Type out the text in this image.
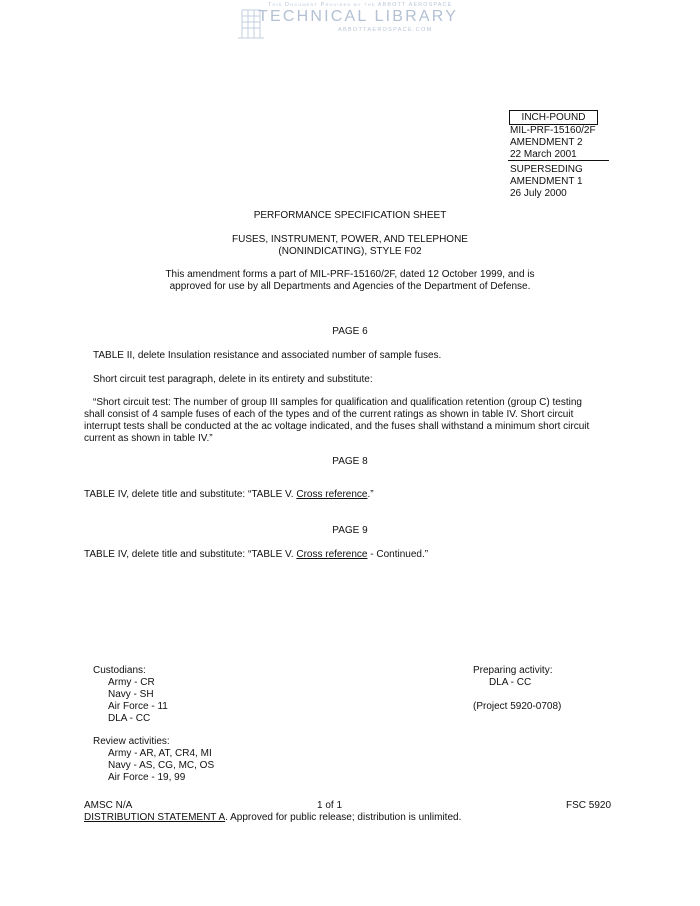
This Document Provided by the ABBOTT AEROSPACE
TECHNICAL LIBRARY
ABBOTTAEROSPACE.COM
INCH-POUND
MIL-PRF-15160/2F
AMENDMENT 2
22 March 2001
SUPERSEDING
AMENDMENT 1
26 July 2000
PERFORMANCE SPECIFICATION SHEET
FUSES, INSTRUMENT, POWER, AND TELEPHONE
(NONINDICATING), STYLE F02
This amendment forms a part of MIL-PRF-15160/2F, dated 12 October 1999, and is
approved for use by all Departments and Agencies of the Department of Defense.
PAGE 6
TABLE II, delete Insulation resistance and associated number of sample fuses.
Short circuit test paragraph, delete in its entirety and substitute:
“Short circuit test: The number of group III samples for qualification and qualification retention (group C) testing
shall consist of 4 sample fuses of each of the types and of the current ratings as shown in table IV. Short circuit
interrupt tests shall be conducted at the ac voltage indicated, and the fuses shall withstand a minimum short circuit
current as shown in table IV.”
PAGE 8
TABLE IV, delete title and substitute: “TABLE V. Cross reference.”
PAGE 9
TABLE IV, delete title and substitute: “TABLE V. Cross reference - Continued.”
Custodians:
Army - CR
Navy - SH
Air Force - 11
DLA - CC
Preparing activity:
DLA - CC
(Project 5920-0708)
Review activities:
Army - AR, AT, CR4, MI
Navy - AS, CG, MC, OS
Air Force - 19, 99
AMSC N/A	1 of 1	FSC 5920
DISTRIBUTION STATEMENT A. Approved for public release; distribution is unlimited.
